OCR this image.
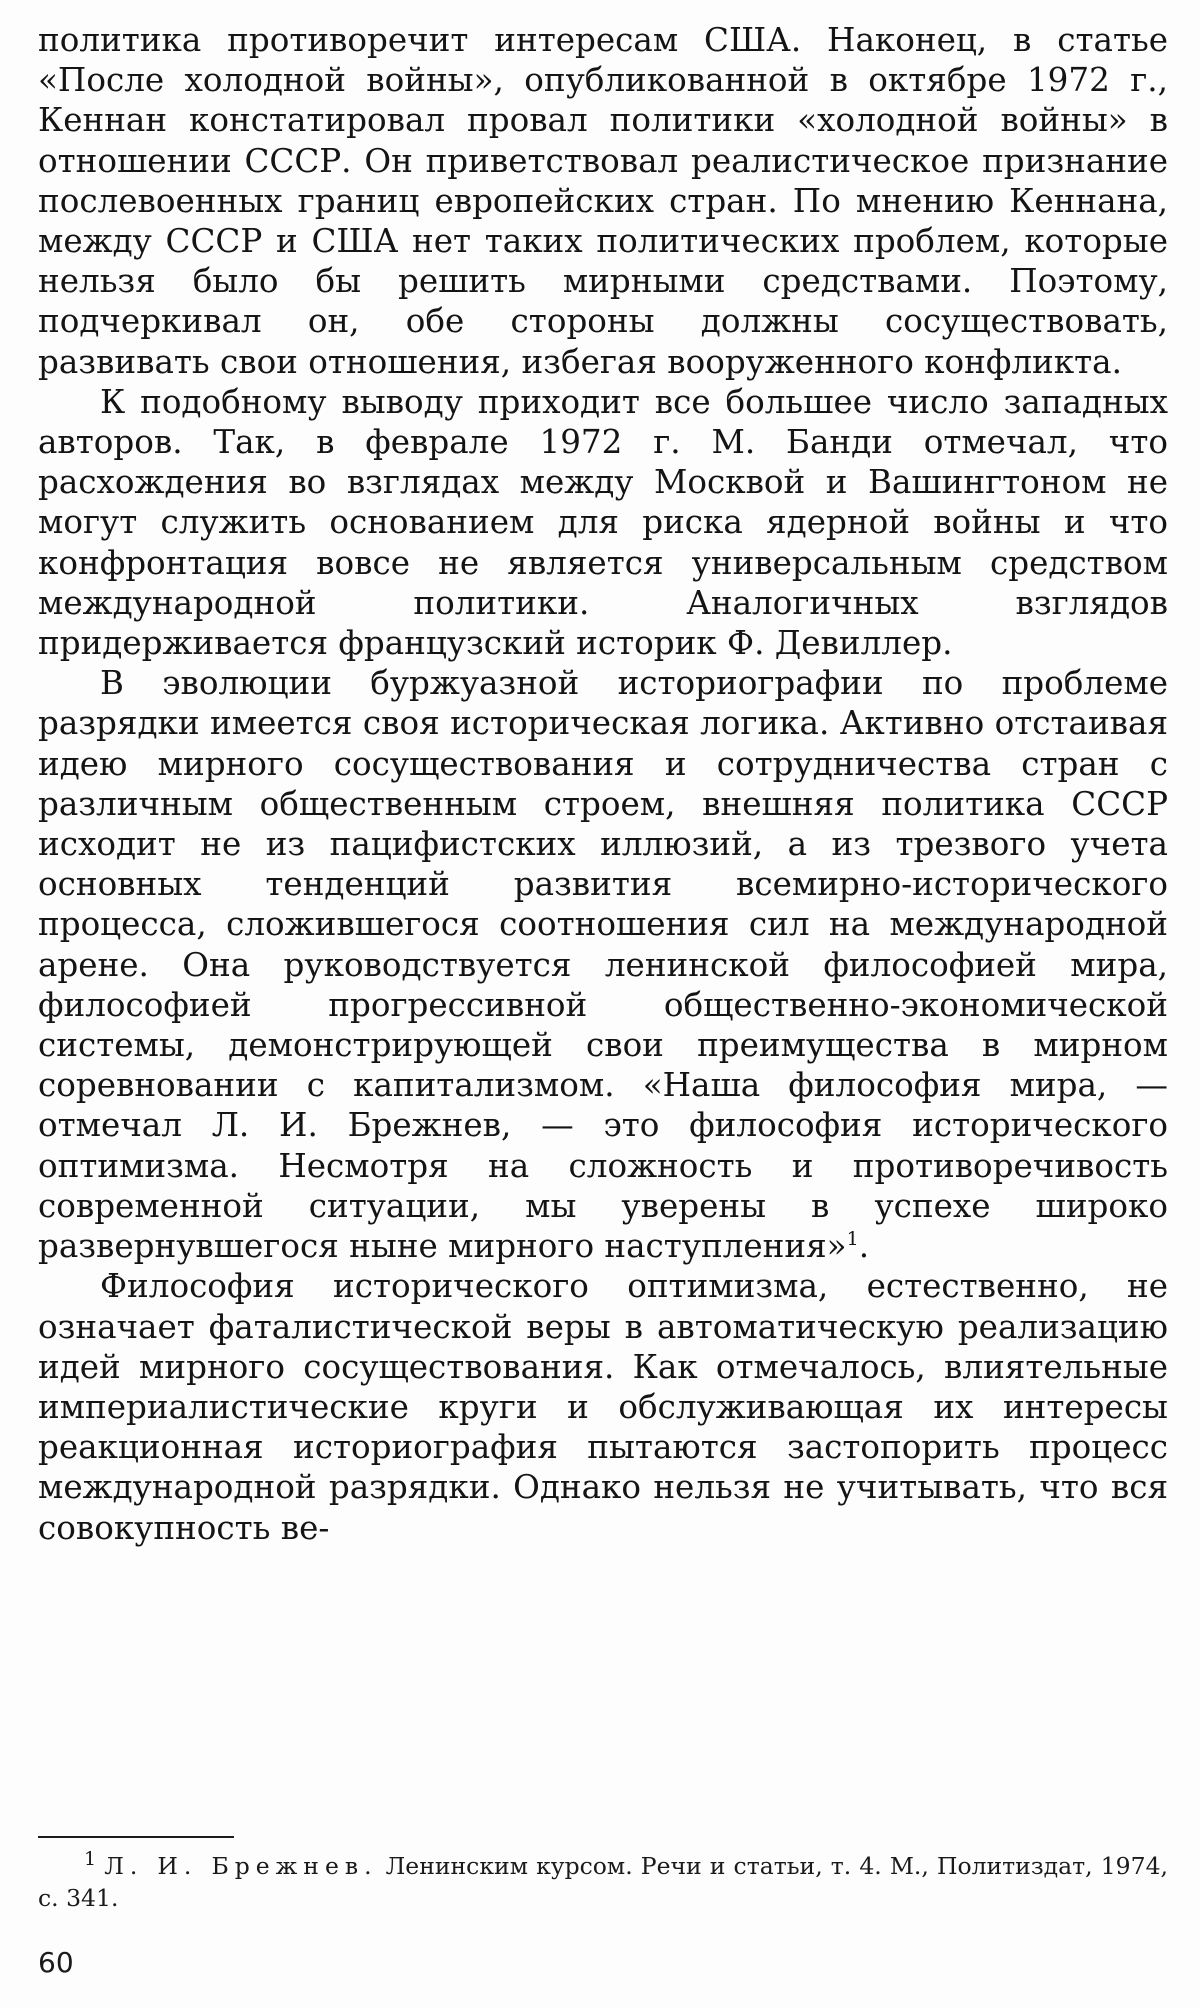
политика противоречит интересам США. Наконец, в статье «После холодной войны», опубликованной в октябре 1972 г., Кеннан констатировал провал политики «холодной войны» в отношении СССР. Он приветствовал реалистическое признание послевоенных границ европейских стран. По мнению Кеннана, между СССР и США нет таких политических проблем, которые нельзя было бы решить мирными средствами. Поэтому, подчеркивал он, обе стороны должны сосуществовать, развивать свои отношения, избегая вооруженного конфликта.

К подобному выводу приходит все большее число западных авторов. Так, в феврале 1972 г. М. Банди отмечал, что расхождения во взглядах между Москвой и Вашингтоном не могут служить основанием для риска ядерной войны и что конфронтация вовсе не является универсальным средством международной политики. Аналогичных взглядов придерживается французский историк Ф. Девиллер.

В эволюции буржуазной историографии по проблеме разрядки имеется своя историческая логика. Активно отстаивая идею мирного сосуществования и сотрудничества стран с различным общественным строем, внешняя политика СССР исходит не из пацифистских иллюзий, а из трезвого учета основных тенденций развития всемирно-исторического процесса, сложившегося соотношения сил на международной арене. Она руководствуется ленинской философией мира, философией прогрессивной общественно-экономической системы, демонстрирующей свои преимущества в мирном соревновании с капитализмом. «Наша философия мира, — отмечал Л. И. Брежнев, — это философия исторического оптимизма. Несмотря на сложность и противоречивость современной ситуации, мы уверены в успехе широко развернувшегося ныне мирного наступления»$^1$.

Философия исторического оптимизма, естественно, не означает фаталистической веры в автоматическую реализацию идей мирного сосуществования. Как отмечалось, влиятельные империалистические круги и обслуживающая их интересы реакционная историография пытаются застопорить процесс международной разрядки. Однако нельзя не учитывать, что вся совокупность ве-

$^1$ Л. И. Брежнев. Ленинским курсом. Речи и статьи, т. 4. М., Политиздат, 1974, с. 341.
60
